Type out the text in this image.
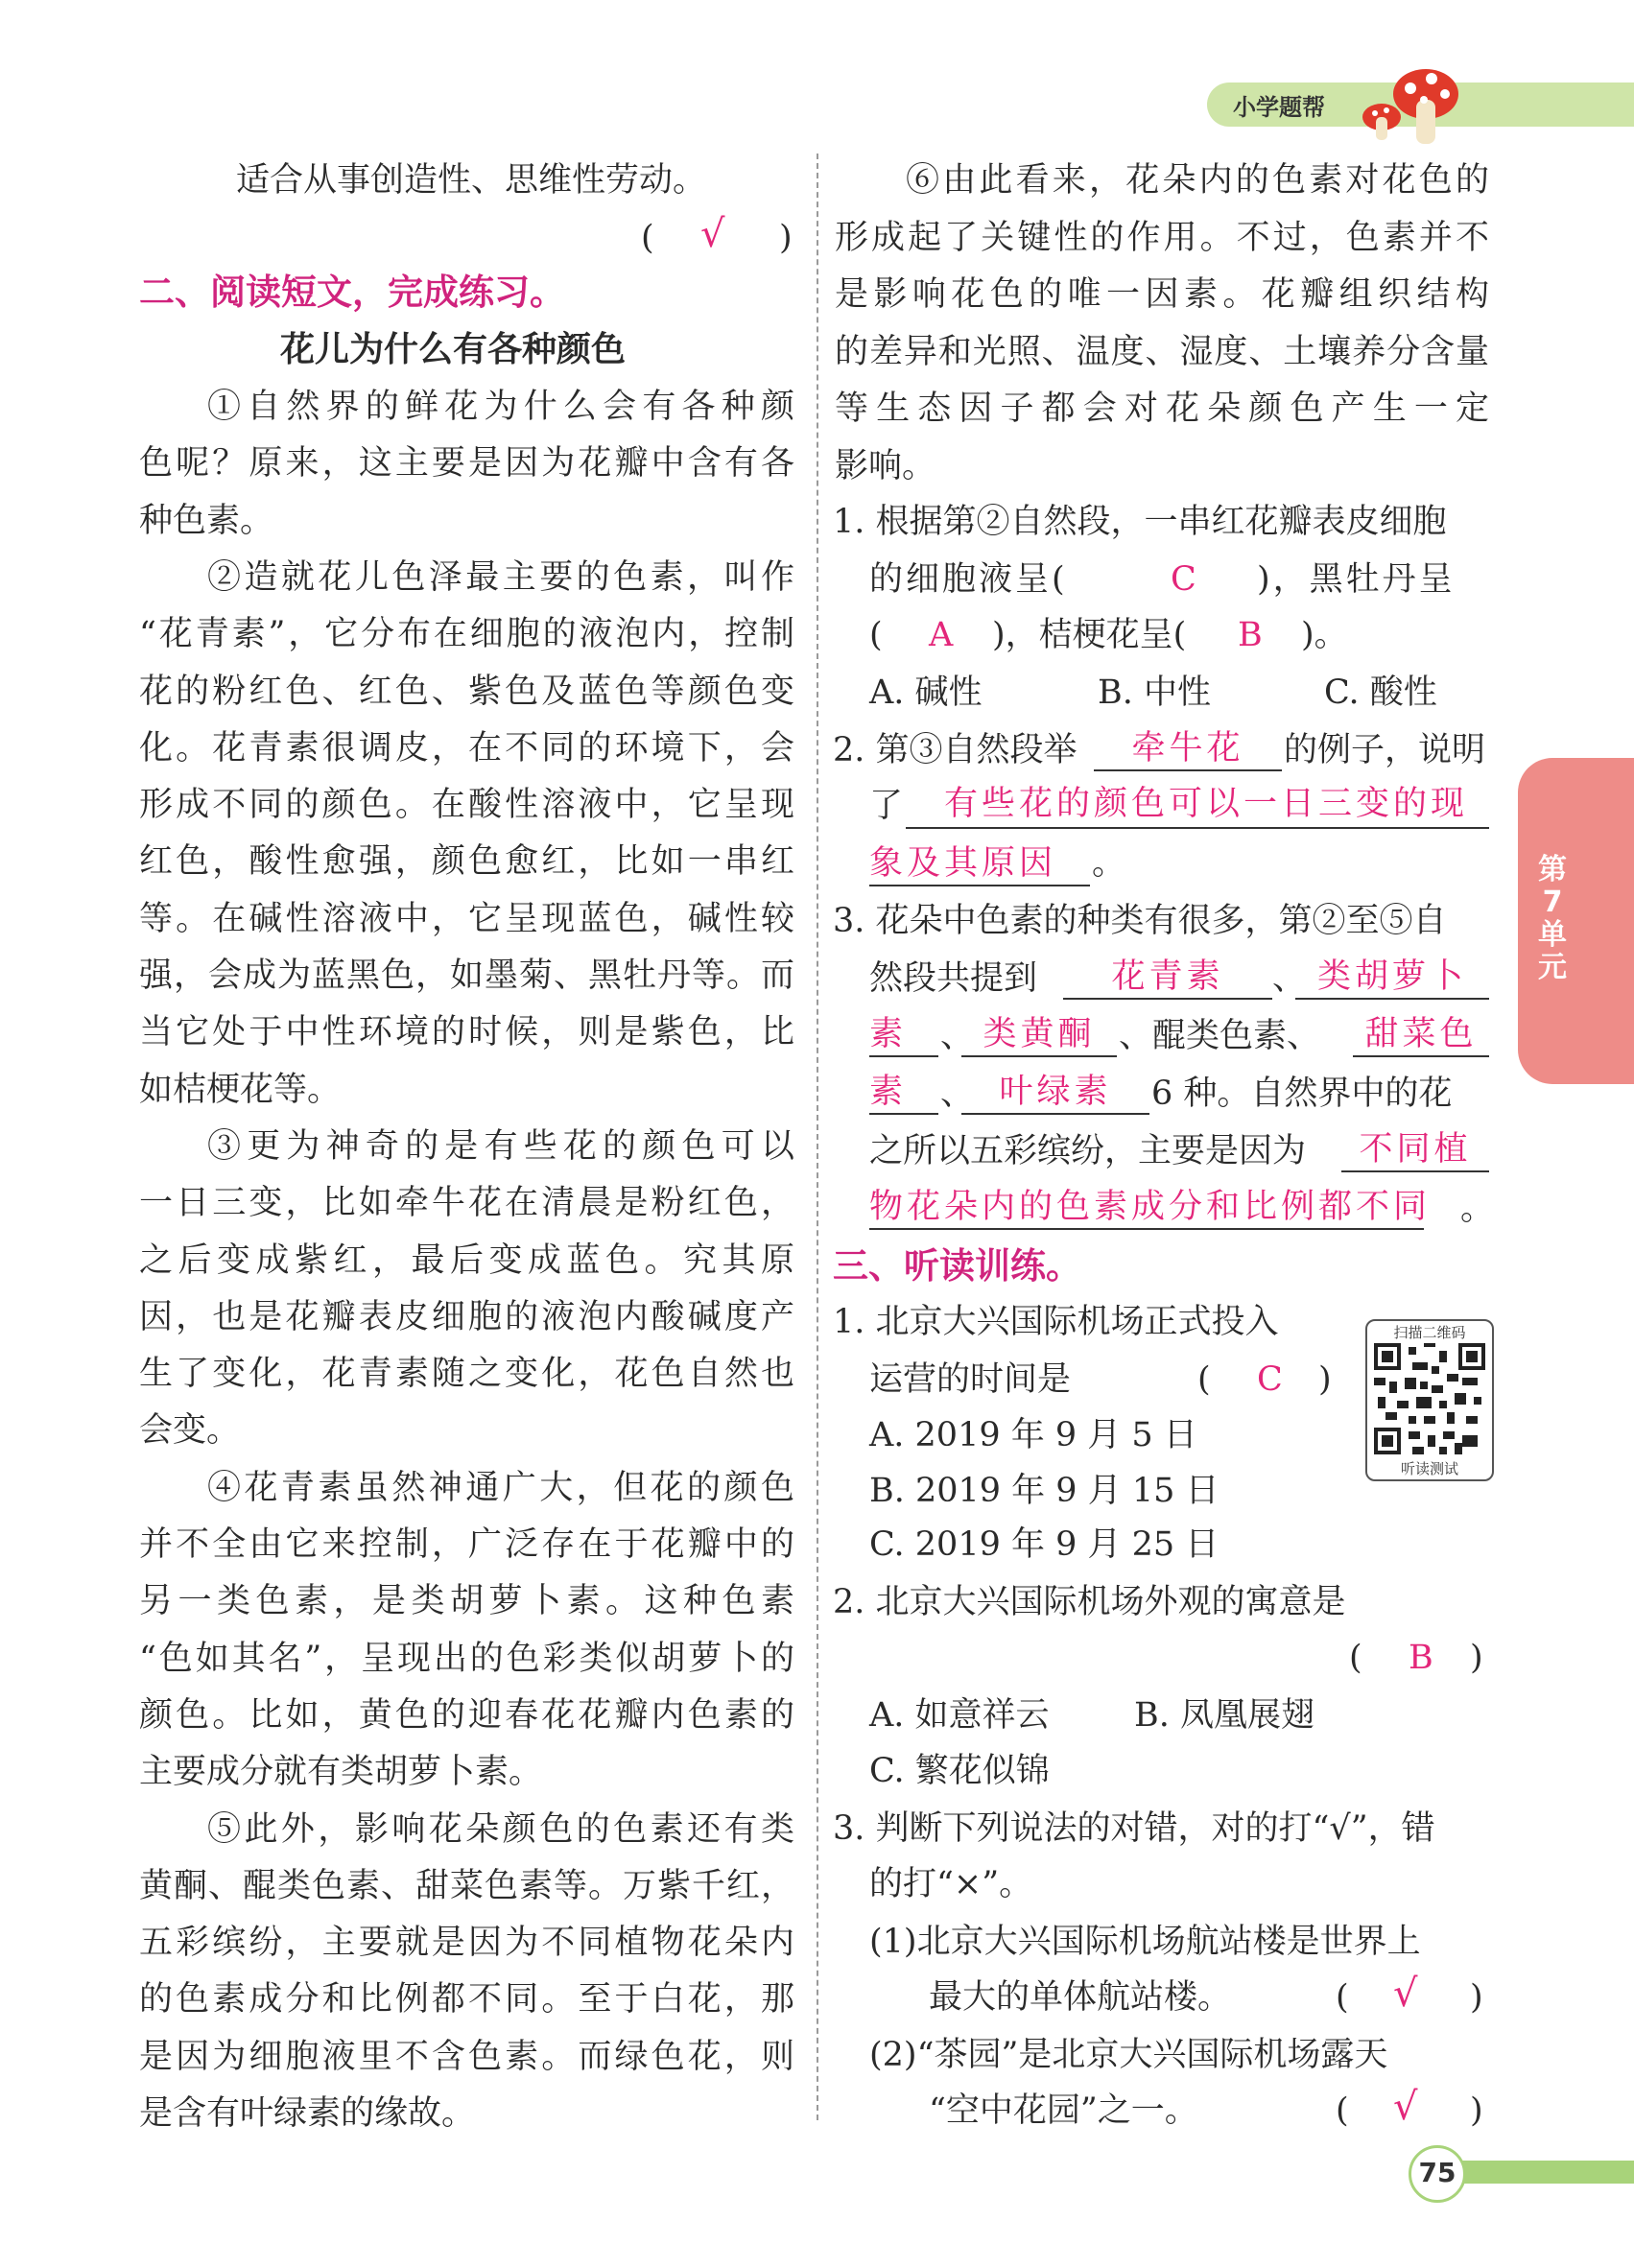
小学题帮
第7单元
适合从事创造性、思维性劳动。
( √ )
二、阅读短文，完成练习。
花儿为什么有各种颜色
①自然界的鲜花为什么会有各种颜
色呢？原来，这主要是因为花瓣中含有各
种色素。
②造就花儿色泽最主要的色素，叫作
“花青素”，它分布在细胞的液泡内，控制
花的粉红色、红色、紫色及蓝色等颜色变
化。花青素很调皮，在不同的环境下，会
形成不同的颜色。在酸性溶液中，它呈现
红色，酸性愈强，颜色愈红，比如一串红
等。在碱性溶液中，它呈现蓝色，碱性较
强，会成为蓝黑色，如墨菊、黑牡丹等。而
当它处于中性环境的时候，则是紫色，比
如桔梗花等。
③更为神奇的是有些花的颜色可以
一日三变，比如牵牛花在清晨是粉红色，
之后变成紫红，最后变成蓝色。究其原
因，也是花瓣表皮细胞的液泡内酸碱度产
生了变化，花青素随之变化，花色自然也
会变。
④花青素虽然神通广大，但花的颜色
并不全由它来控制，广泛存在于花瓣中的
另一类色素，是类胡萝卜素。这种色素
“色如其名”，呈现出的色彩类似胡萝卜的
颜色。比如，黄色的迎春花花瓣内色素的
主要成分就有类胡萝卜素。
⑤此外，影响花朵颜色的色素还有类
黄酮、醌类色素、甜菜色素等。万紫千红，
五彩缤纷，主要就是因为不同植物花朵内
的色素成分和比例都不同。至于白花，那
是因为细胞液里不含色素。而绿色花，则
是含有叶绿素的缘故。
⑥由此看来，花朵内的色素对花色的
形成起了关键性的作用。不过，色素并不
是影响花色的唯一因素。花瓣组织结构
的差异和光照、温度、湿度、土壤养分含量
等生态因子都会对花朵颜色产生一定
影响。
1. 根据第②自然段，一串红花瓣表皮细胞
的细胞液呈(	C )，黑牡丹呈
( A )，桔梗花呈( B )。
A. 碱性	B. 中性	C. 酸性
2. 第③自然段举	牵牛花	的例子，说明
了	有些花的颜色可以一日三变的现
象及其原因	。
3. 花朵中色素的种类有很多，第②至⑤自
然段共提到	花青素	、 类胡萝卜
素 、 类黄酮 、醌类色素、	甜菜色
素 、 叶绿素	6 种。自然界中的花
之所以五彩缤纷，主要是因为	不同植
物花朵内的色素成分和比例都不同 。
三、听读训练。
1. 北京大兴国际机场正式投入
运营的时间是	( C )
A. 2019 年 9 月 5 日
B. 2019 年 9 月 15 日
C. 2019 年 9 月 25 日
扫描二维码
听读测试
2. 北京大兴国际机场外观的寓意是
( B )
A. 如意祥云	B. 凤凰展翅
C. 繁花似锦
3. 判断下列说法的对错，对的打“√”，错
的打“×”。
(1)北京大兴国际机场航站楼是世界上
最大的单体航站楼。	( √ )
(2)“茶园”是北京大兴国际机场露天
“空中花园”之一。	( √ )
75
